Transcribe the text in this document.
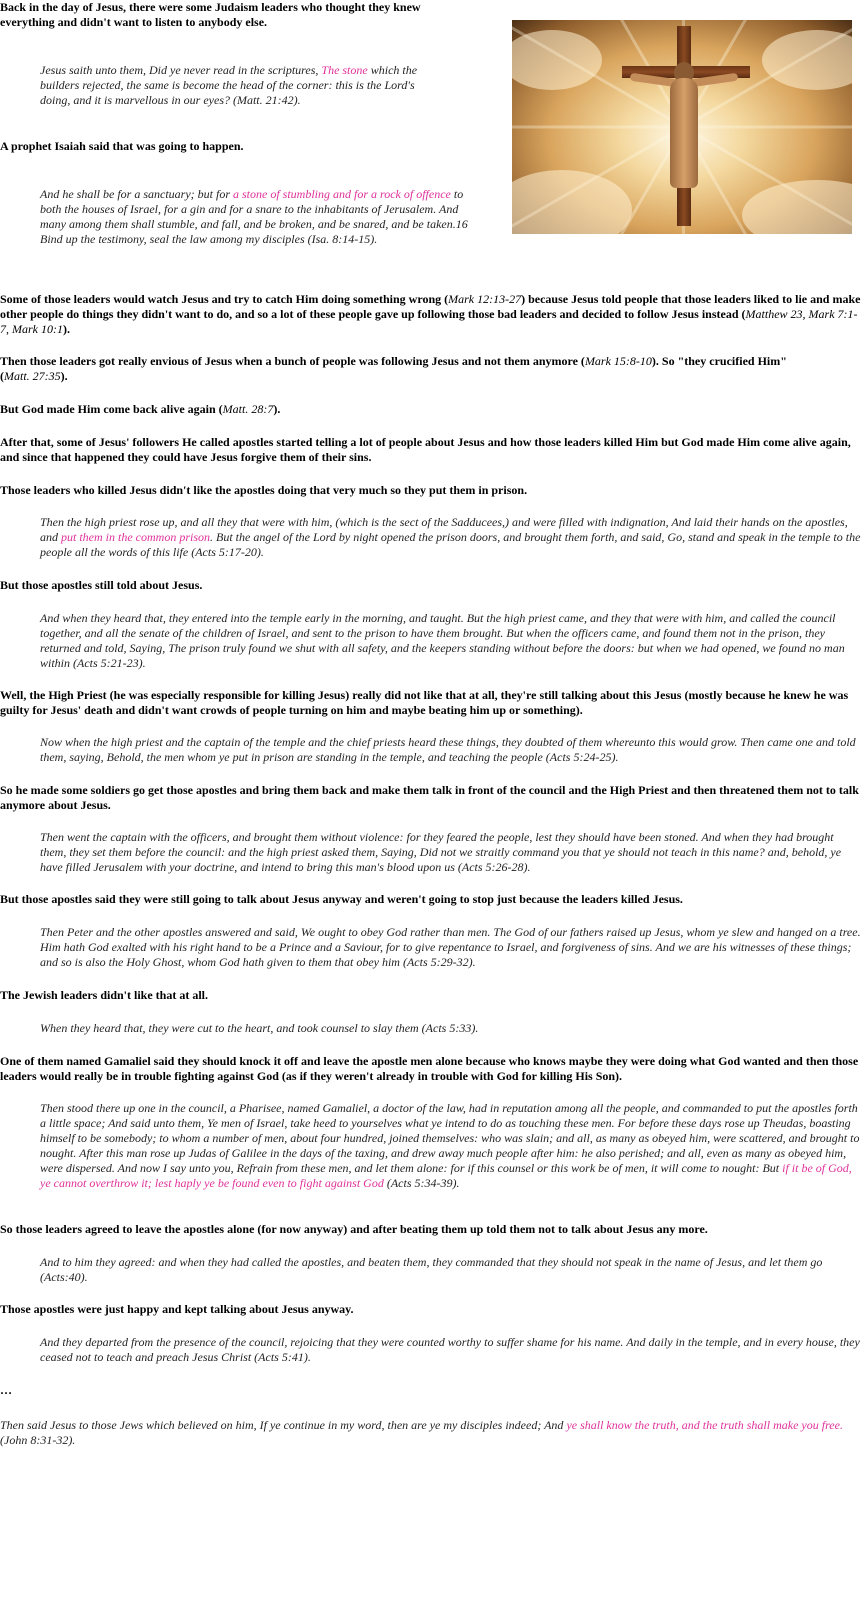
Back in the day of Jesus, there were some Judaism leaders who thought they knew everything and didn't want to listen to anybody else.

Jesus saith unto them, Did ye never read in the scriptures, The stone which the builders rejected, the same is become the head of the corner: this is the Lord's doing, and it is marvellous in our eyes? (Matt. 21:42).

A prophet Isaiah said that was going to happen.

And he shall be for a sanctuary; but for a stone of stumbling and for a rock of offence to both the houses of Israel, for a gin and for a snare to the inhabitants of Jerusalem. And many among them shall stumble, and fall, and be broken, and be snared, and be taken.16 Bind up the testimony, seal the law among my disciples (Isa. 8:14-15).

Some of those leaders would watch Jesus and try to catch Him doing something wrong (Mark 12:13-27) because Jesus told people that those leaders liked to lie and make other people do things they didn't want to do, and so a lot of these people gave up following those bad leaders and decided to follow Jesus instead (Matthew 23, Mark 7:1-7, Mark 10:1).

Then those leaders got really envious of Jesus when a bunch of people was following Jesus and not them anymore (Mark 15:8-10). So "they crucified Him" (Matt. 27:35).

But God made Him come back alive again (Matt. 28:7).

After that, some of Jesus' followers He called apostles started telling a lot of people about Jesus and how those leaders killed Him but God made Him come alive again, and since that happened they could have Jesus forgive them of their sins.

Those leaders who killed Jesus didn't like the apostles doing that very much so they put them in prison.

Then the high priest rose up, and all they that were with him, (which is the sect of the Sadducees,) and were filled with indignation, And laid their hands on the apostles, and put them in the common prison. But the angel of the Lord by night opened the prison doors, and brought them forth, and said, Go, stand and speak in the temple to the people all the words of this life (Acts 5:17-20).

But those apostles still told about Jesus.

And when they heard that, they entered into the temple early in the morning, and taught. But the high priest came, and they that were with him, and called the council together, and all the senate of the children of Israel, and sent to the prison to have them brought. But when the officers came, and found them not in the prison, they returned and told, Saying, The prison truly found we shut with all safety, and the keepers standing without before the doors: but when we had opened, we found no man within (Acts 5:21-23).

Well, the High Priest (he was especially responsible for killing Jesus) really did not like that at all, they're still talking about this Jesus (mostly because he knew he was guilty for Jesus' death and didn't want crowds of people turning on him and maybe beating him up or something).

Now when the high priest and the captain of the temple and the chief priests heard these things, they doubted of them whereunto this would grow. Then came one and told them, saying, Behold, the men whom ye put in prison are standing in the temple, and teaching the people (Acts 5:24-25).

So he made some soldiers go get those apostles and bring them back and make them talk in front of the council and the High Priest and then threatened them not to talk anymore about Jesus.

Then went the captain with the officers, and brought them without violence: for they feared the people, lest they should have been stoned. And when they had brought them, they set them before the council: and the high priest asked them, Saying, Did not we straitly command you that ye should not teach in this name? and, behold, ye have filled Jerusalem with your doctrine, and intend to bring this man's blood upon us (Acts 5:26-28).

But those apostles said they were still going to talk about Jesus anyway and weren't going to stop just because the leaders killed Jesus.

Then Peter and the other apostles answered and said, We ought to obey God rather than men. The God of our fathers raised up Jesus, whom ye slew and hanged on a tree. Him hath God exalted with his right hand to be a Prince and a Saviour, for to give repentance to Israel, and forgiveness of sins. And we are his witnesses of these things; and so is also the Holy Ghost, whom God hath given to them that obey him (Acts 5:29-32).

The Jewish leaders didn't like that at all.

When they heard that, they were cut to the heart, and took counsel to slay them (Acts 5:33).

One of them named Gamaliel said they should knock it off and leave the apostle men alone because who knows maybe they were doing what God wanted and then those leaders would really be in trouble fighting against God (as if they weren't already in trouble with God for killing His Son).

Then stood there up one in the council, a Pharisee, named Gamaliel, a doctor of the law, had in reputation among all the people, and commanded to put the apostles forth a little space; And said unto them, Ye men of Israel, take heed to yourselves what ye intend to do as touching these men. For before these days rose up Theudas, boasting himself to be somebody; to whom a number of men, about four hundred, joined themselves: who was slain; and all, as many as obeyed him, were scattered, and brought to nought. After this man rose up Judas of Galilee in the days of the taxing, and drew away much people after him: he also perished; and all, even as many as obeyed him, were dispersed. And now I say unto you, Refrain from these men, and let them alone: for if this counsel or this work be of men, it will come to nought: But if it be of God, ye cannot overthrow it; lest haply ye be found even to fight against God (Acts 5:34-39).

So those leaders agreed to leave the apostles alone (for now anyway) and after beating them up told them not to talk about Jesus any more.

And to him they agreed: and when they had called the apostles, and beaten them, they commanded that they should not speak in the name of Jesus, and let them go (Acts:40).

Those apostles were just happy and kept talking about Jesus anyway.

And they departed from the presence of the council, rejoicing that they were counted worthy to suffer shame for his name. And daily in the temple, and in every house, they ceased not to teach and preach Jesus Christ (Acts 5:41).

…

Then said Jesus to those Jews which believed on him, If ye continue in my word, then are ye my disciples indeed; And ye shall know the truth, and the truth shall make you free. (John 8:31-32).
